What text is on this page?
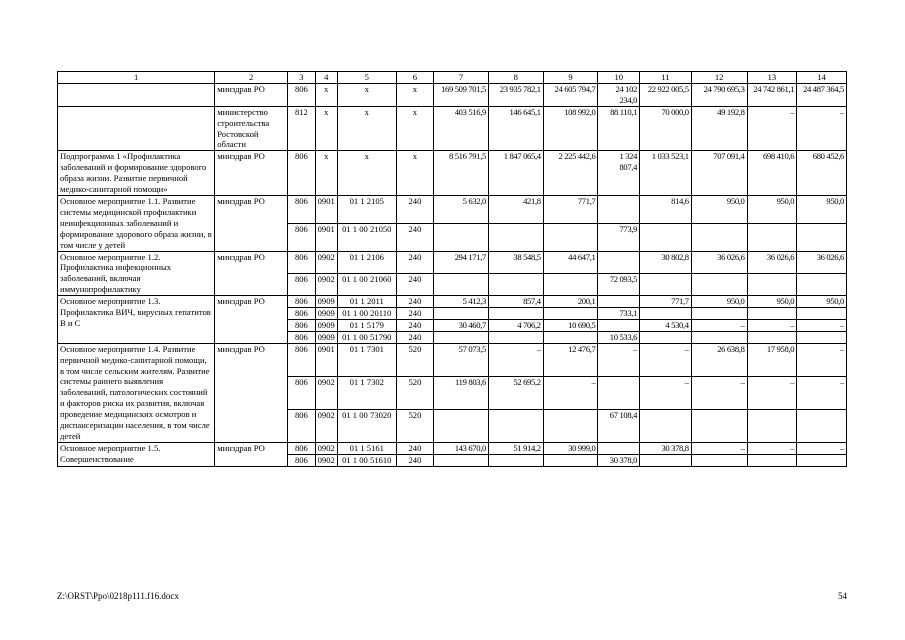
1	2	3	4	5	6	7	8	9	10	11	12	13	14
	минздрав РО	806	х	х	х	169 509 701,5	23 935 782,1	24 605 794,7	24 102 234,0	22 922 005,5	24 790 695,3	24 742 861,1	24 487 364,5
	министерство строительства Ростовской области	812	х	х	х	403 516,9	146 645,1	108 992,0	88 110,1	70 000,0	49 192,8	–	–
Подпрограмма 1 «Профилактика заболеваний и формирование здорового образа жизни. Развитие первичной медико-санитарной помощи»	минздрав РО	806	х	х	х	8 516 791,5	1 847 065,4	2 225 442,6	1 324 807,4	1 033 523,1	707 091,4	698 410,6	680 452,6
Основное мероприятие 1.1. Развитие системы медицинской профилактики неинфекционных заболеваний и формирование здорового образа жизни, в том числе у детей	минздрав РО	806	0901	01 1 2105	240	5 632,0	421,8	771,7		814,6	950,0	950,0	950,0
		806	0901	01 1 00 21050	240				773,9				
Основное мероприятие 1.2. Профилактика инфекционных заболеваний, включая иммунопрофилактику	минздрав РО	806	0902	01 1 2106	240	294 171,7	38 548,5	44 647,1		30 802,8	36 026,6	36 026,6	36 026,6
		806	0902	01 1 00 21060	240				72 093,5				
Основное мероприятие 1.3. Профилактика ВИЧ, вирусных гепатитов В и С	минздрав РО	806	0909	01 1 2011	240	5 412,3	857,4	200,1		771,7	950,0	950,0	950,0
		806	0909	01 1 00 20110	240				733,1				
		806	0909	01 1 5179	240	30 460,7	4 706,2	10 690,5		4 530,4	–	–	–
		806	0909	01 1 00 51790	240				10 533,6				
Основное мероприятие 1.4. Развитие первичной медико-санитарной помощи, в том числе сельским жителям. Развитие системы раннего выявления заболеваний, патологических состояний и факторов риска их развития, включая проведение медицинских осмотров и диспансеризации населения, в том числе детей	минздрав РО	806	0901	01 1 7301	520	57 073,5	–	12 476,7	–	–	26 638,8	17 958,0	–
		806	0902	01 1 7302	520	119 803,6	52 695,2	–		–	–	–	–
		806	0902	01 1 00 73020	520				67 108,4				
Основное мероприятие 1.5. Совершенствование	минздрав РО	806	0902	01 1 5161	240	143 670,0	51 914,2	30 999,0		30 378,8	–	–	–
		806	0902	01 1 00 51610	240				30 378,0				
Z:\ORST\Ppo\0218p111.f16.docx	54
